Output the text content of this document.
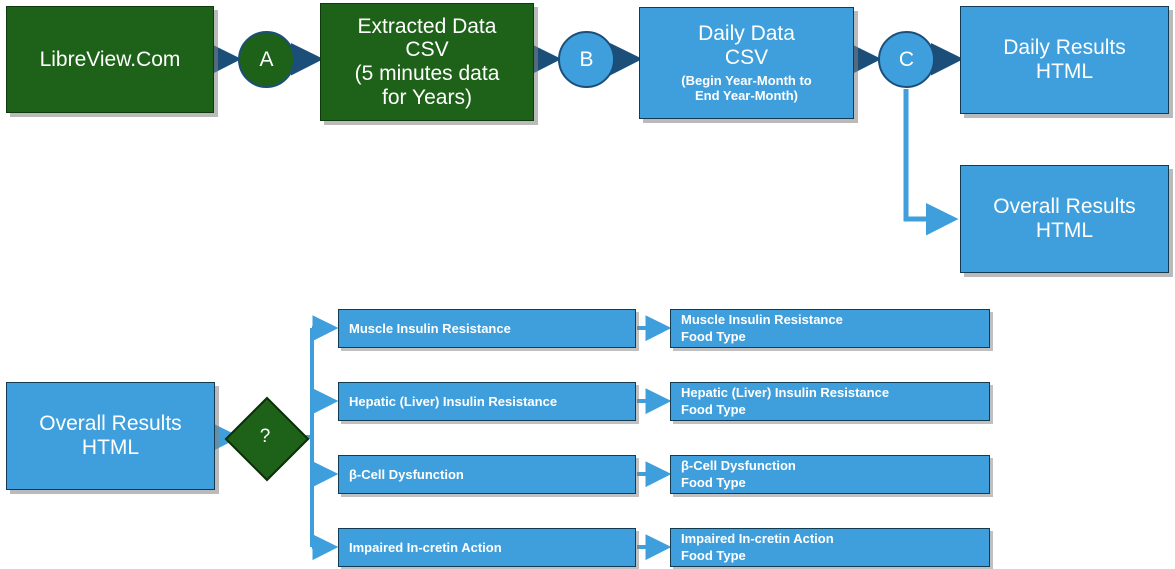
LibreView.Com	A
Extracted Data
CSV
(5 minutes data
for Years)
B
Daily Data
CSV
(Begin Year-Month to
End Year-Month)
C	Daily Results
HTML
Overall Results
HTML
Overall Results
HTML	?
Muscle Insulin Resistance
Hepatic (Liver) Insulin Resistance
β-Cell Dysfunction
Impaired In-cretin Action
Muscle Insulin Resistance
Food Type
Hepatic (Liver) Insulin Resistance
Food Type
β-Cell Dysfunction
Food Type
Impaired In-cretin Action
Food Type
